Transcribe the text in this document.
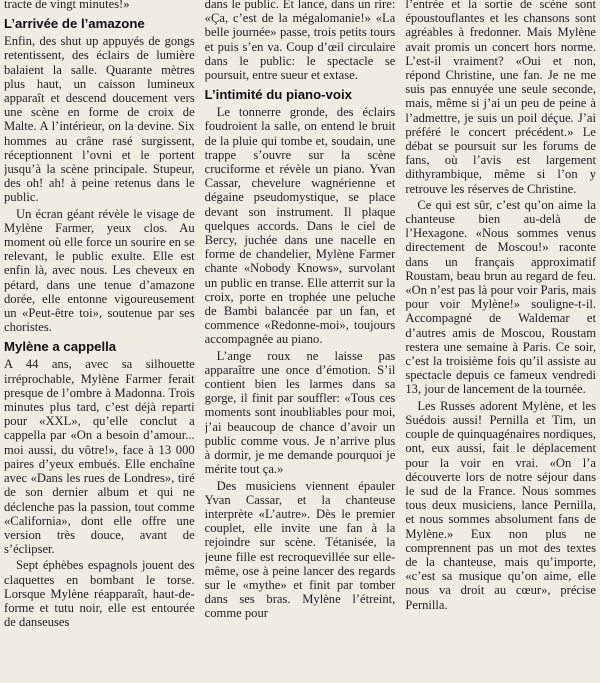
tracte de vingt minutes!»

L’arrivée de l’amazone

Enfin, des shut up appuyés de gongs retentissent, des éclairs de lumière balaient la salle. Quarante mètres plus haut, un caisson lumineux apparaît et descend doucement vers une scène en forme de croix de Malte. A l’intérieur, on la devine. Six hommes au crâne rasé surgissent, réceptionnent l’ovni et le portent jusqu’à la scène principale. Stupeur, des oh! ah! à peine retenus dans le public.

Un écran géant révèle le visage de Mylène Farmer, yeux clos. Au moment où elle force un sourire en se relevant, le public exulte. Elle est enfin là, avec nous. Les cheveux en pétard, dans une tenue d’amazone dorée, elle entonne vigoureusement un «Peut-être toi», soutenue par ses choristes.

Mylène a cappella

A 44 ans, avec sa silhouette irréprochable, Mylène Farmer ferait presque de l’ombre à Madonna. Trois minutes plus tard, c’est déjà reparti pour «XXL», qu’elle conclut a cappella par «On a besoin d’amour... moi aussi, du vôtre!», face à 13 000 paires d’yeux embués. Elle enchaîne avec «Dans les rues de Londres», tiré de son dernier album et qui ne déclenche pas la passion, tout comme «California», dont elle offre une version très douce, avant de s’éclipser.

Sept éphèbes espagnols jouent des claquettes en bombant le torse. Lorsque Mylène réapparaît, haut-de-forme et tutu noir, elle est entourée de danseuses

dans le public. Et lance, dans un rire: «Ça, c’est de la mégalomanie!» «La belle journée» passe, trois petits tours et puis s’en va. Coup d’œil circulaire dans le public: le spectacle se poursuit, entre sueur et extase.

L’intimité du piano-voix

Le tonnerre gronde, des éclairs foudroient la salle, on entend le bruit de la pluie qui tombe et, soudain, une trappe s’ouvre sur la scène cruciforme et révèle un piano. Yvan Cassar, chevelure wagnérienne et dégaine pseudomystique, se place devant son instrument. Il plaque quelques accords. Dans le ciel de Bercy, juchée dans une nacelle en forme de chandelier, Mylène Farmer chante «Nobody Knows», survolant un public en transe. Elle atterrit sur la croix, porte en trophée une peluche de Bambi balancée par un fan, et commence «Redonne-moi», toujours accompagnée au piano.

L’ange roux ne laisse pas apparaître une once d’émotion. S’il contient bien les larmes dans sa gorge, il finit par souffler: «Tous ces moments sont inoubliables pour moi, j’ai beaucoup de chance d’avoir un public comme vous. Je n’arrive plus à dormir, je me demande pourquoi je mérite tout ça.»

Des musiciens viennent épauler Yvan Cassar, et la chanteuse interprète «L’autre». Dès le premier couplet, elle invite une fan à la rejoindre sur scène. Tétanisée, la jeune fille est recroquevillée sur elle-même, ose à peine lancer des regards sur le «mythe» et finit par tomber dans ses bras. Mylène l’étreint, comme pour

l’entrée et la sortie de scène sont époustouflantes et les chansons sont agréables à fredonner. Mais Mylène avait promis un concert hors norme. L’est-il vraiment? «Oui et non, répond Christine, une fan. Je ne me suis pas ennuyée une seule seconde, mais, même si j’ai un peu de peine à l’admettre, je suis un poil déçue. J’ai préféré le concert précédent.» Le débat se poursuit sur les forums de fans, où l’avis est largement dithyrambique, même si l’on y retrouve les réserves de Christine.

Ce qui est sûr, c’est qu’on aime la chanteuse bien au-delà de l’Hexagone. «Nous sommes venus directement de Moscou!» raconte dans un français approximatif Roustam, beau brun au regard de feu. «On n’est pas là pour voir Paris, mais pour voir Mylène!» souligne-t-il. Accompagné de Waldemar et d’autres amis de Moscou, Roustam restera une semaine à Paris. Ce soir, c’est la troisième fois qu’il assiste au spectacle depuis ce fameux vendredi 13, jour de lancement de la tournée.

Les Russes adorent Mylène, et les Suédois aussi! Pernilla et Tim, un couple de quinquagénaires nordiques, ont, eux aussi, fait le déplacement pour la voir en vrai. «On l’a découverte lors de notre séjour dans le sud de la France. Nous sommes tous deux musiciens, lance Pernilla, et nous sommes absolument fans de Mylène.» Eux non plus ne comprennent pas un mot des textes de la chanteuse, mais qu’importe, «c’est sa musique qu’on aime, elle nous va droit au cœur», précise Pernilla.
